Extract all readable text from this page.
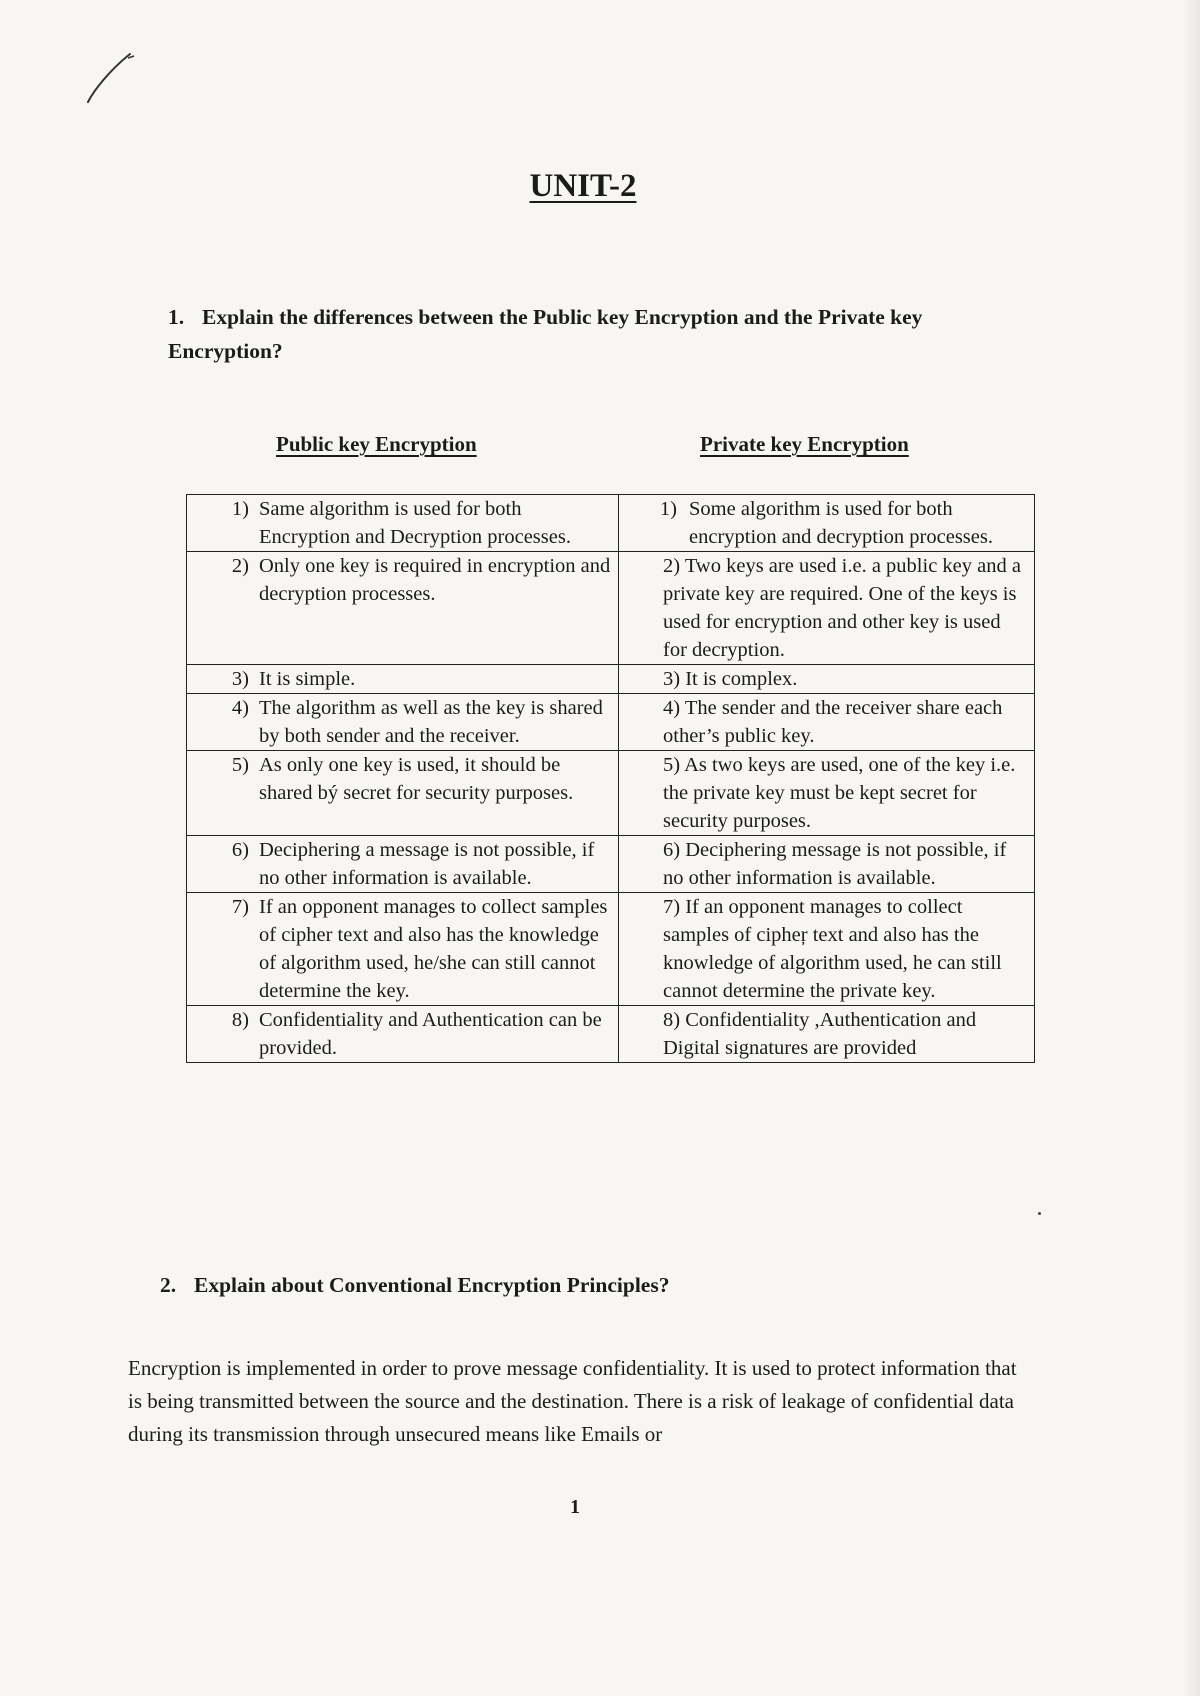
UNIT-2
1. Explain the differences between the Public key Encryption and the Private key Encryption?
Public key Encryption	Private key Encryption
1) Same algorithm is used for both Encryption and Decryption processes.	1) Some algorithm is used for both encryption and decryption processes.

2) Only one key is required in encryption and decryption processes.	2) Two keys are used i.e. a public key and a private key are required. One of the keys is used for encryption and other key is used for decryption.

3) It is simple.	3) It is complex.

4) The algorithm as well as the key is shared by both sender and the receiver.	4) The sender and the receiver share each other’s public key.

5) As only one key is used, it should be shared bý secret for security purposes.	5) As two keys are used, one of the key i.e. the private key must be kept secret for security purposes.

6) Deciphering a message is not possible, if no other information is available.	6) Deciphering message is not possible, if no other information is available.

7) If an opponent manages to collect samples of cipher text and also has the knowledge of algorithm used, he/she can still cannot determine the key.	7) If an opponent manages to collect samples of cipheŗ text and also has the knowledge of algorithm used, he can still cannot determine the private key.

8) Confidentiality and Authentication can be provided.	8) Confidentiality ,Authentication and Digital signatures are provided
2. Explain about Conventional Encryption Principles?
Encryption is implemented in order to prove message confidentiality. It is used to protect information that is being transmitted between the source and the destination. There is a risk of leakage of confidential data during its transmission through unsecured means like Emails or
1
